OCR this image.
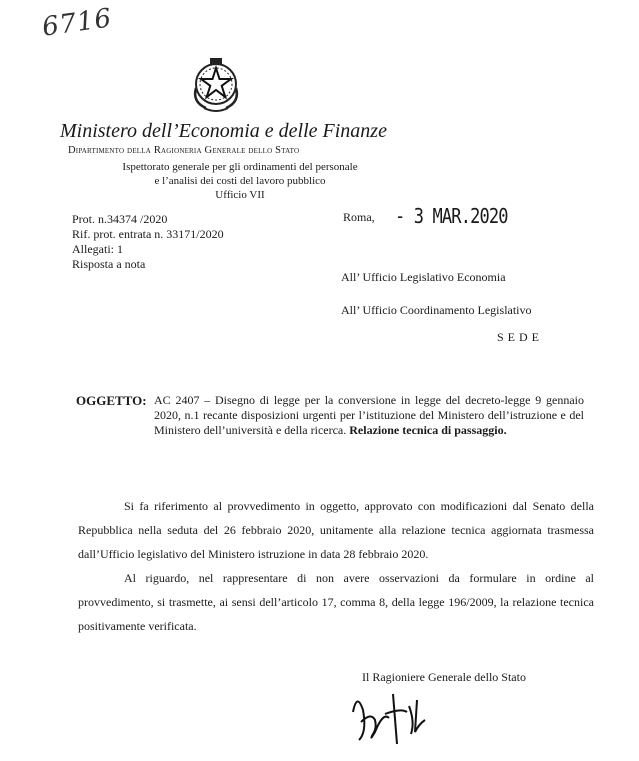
6716
Ministero dell’Economia e delle Finanze
Dipartimento della Ragioneria Generale dello Stato
Ispettorato generale per gli ordinamenti del personale
e l’analisi dei costi del lavoro pubblico
Ufficio VII
Prot. n.34374 /2020
Rif. prot. entrata n. 33171/2020
Allegati: 1
Risposta a nota
Roma, - 3 MAR.2020
All’ Ufficio Legislativo Economia
All’ Ufficio Coordinamento Legislativo
SEDE
OGGETTO: AC 2407 – Disegno di legge per la conversione in legge del decreto-legge 9 gennaio 2020, n.1 recante disposizioni urgenti per l’istituzione del Ministero dell’istruzione e del Ministero dell’università e della ricerca. Relazione tecnica di passaggio.
Si fa riferimento al provvedimento in oggetto, approvato con modificazioni dal Senato della Repubblica nella seduta del 26 febbraio 2020, unitamente alla relazione tecnica aggiornata trasmessa dall’Ufficio legislativo del Ministero istruzione in data 28 febbraio 2020.
Al riguardo, nel rappresentare di non avere osservazioni da formulare in ordine al provvedimento, si trasmette, ai sensi dell’articolo 17, comma 8, della legge 196/2009, la relazione tecnica positivamente verificata.
Il Ragioniere Generale dello Stato
